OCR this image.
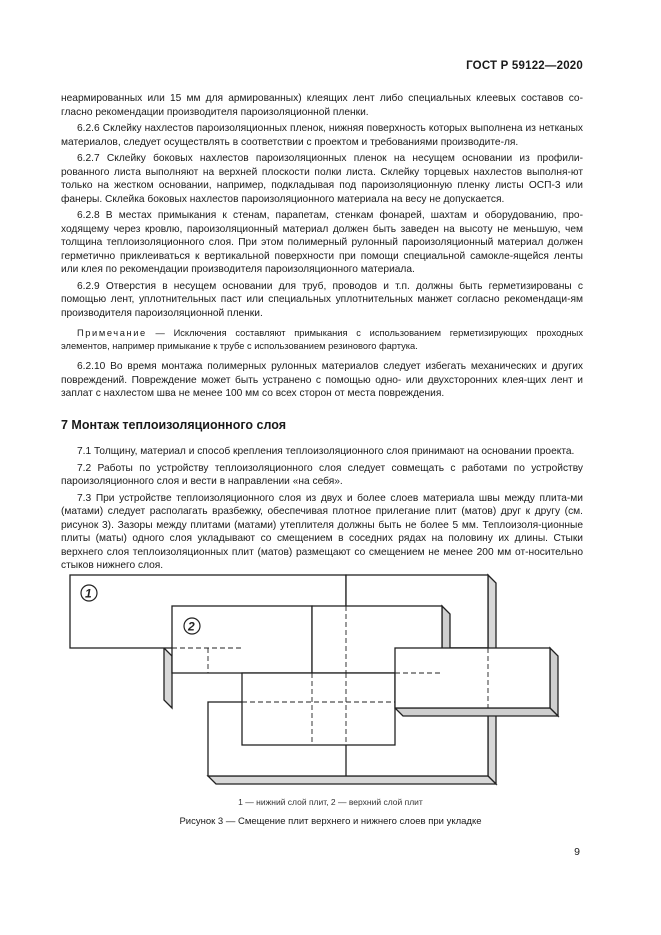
ГОСТ Р 59122—2020

неармированных или 15 мм для армированных) клеящих лент либо специальных клеевых составов со-гласно рекомендации производителя пароизоляционной пленки.

6.2.6 Склейку нахлестов пароизоляционных пленок, нижняя поверхность которых выполнена из нетканых материалов, следует осуществлять в соответствии с проектом и требованиями производите-ля.

6.2.7 Склейку боковых нахлестов пароизоляционных пленок на несущем основании из профили-рованного листа выполняют на верхней плоскости полки листа. Склейку торцевых нахлестов выполня-ют только на жестком основании, например, подкладывая под пароизоляционную пленку листы ОСП-3 или фанеры. Склейка боковых нахлестов пароизоляционного материала на весу не допускается.

6.2.8 В местах примыкания к стенам, парапетам, стенкам фонарей, шахтам и оборудованию, про-ходящему через кровлю, пароизоляционный материал должен быть заведен на высоту не меньшую, чем толщина теплоизоляционного слоя. При этом полимерный рулонный пароизоляционный материал должен герметично приклеиваться к вертикальной поверхности при помощи специальной самокле-ящейся ленты или клея по рекомендации производителя пароизоляционного материала.

6.2.9 Отверстия в несущем основании для труб, проводов и т.п. должны быть герметизированы с помощью лент, уплотнительных паст или специальных уплотнительных манжет согласно рекомендаци-ям производителя пароизоляционной пленки.

Примечание — Исключения составляют примыкания с использованием герметизирующих проходных элементов, например примыкание к трубе с использованием резинового фартука.

6.2.10 Во время монтажа полимерных рулонных материалов следует избегать механических и других повреждений. Повреждение может быть устранено с помощью одно- или двухсторонних клея-щих лент и заплат с нахлестом шва не менее 100 мм со всех сторон от места повреждения.

7 Монтаж теплоизоляционного слоя

7.1 Толщину, материал и способ крепления теплоизоляционного слоя принимают на основании проекта.

7.2 Работы по устройству теплоизоляционного слоя следует совмещать с работами по устройству пароизоляционного слоя и вести в направлении «на себя».

7.3 При устройстве теплоизоляционного слоя из двух и более слоев материала швы между плита-ми (матами) следует располагать вразбежку, обеспечивая плотное прилегание плит (матов) друг к другу (см. рисунок 3). Зазоры между плитами (матами) утеплителя должны быть не более 5 мм. Теплоизоля-ционные плиты (маты) одного слоя укладывают со смещением в соседних рядах на половину их длины. Стыки верхнего слоя теплоизоляционных плит (матов) размещают со смещением не менее 200 мм от-носительно стыков нижнего слоя.

1
2
1 — нижний слой плит, 2 — верхний слой плит
Рисунок 3 — Смещение плит верхнего и нижнего слоев при укладке
9
